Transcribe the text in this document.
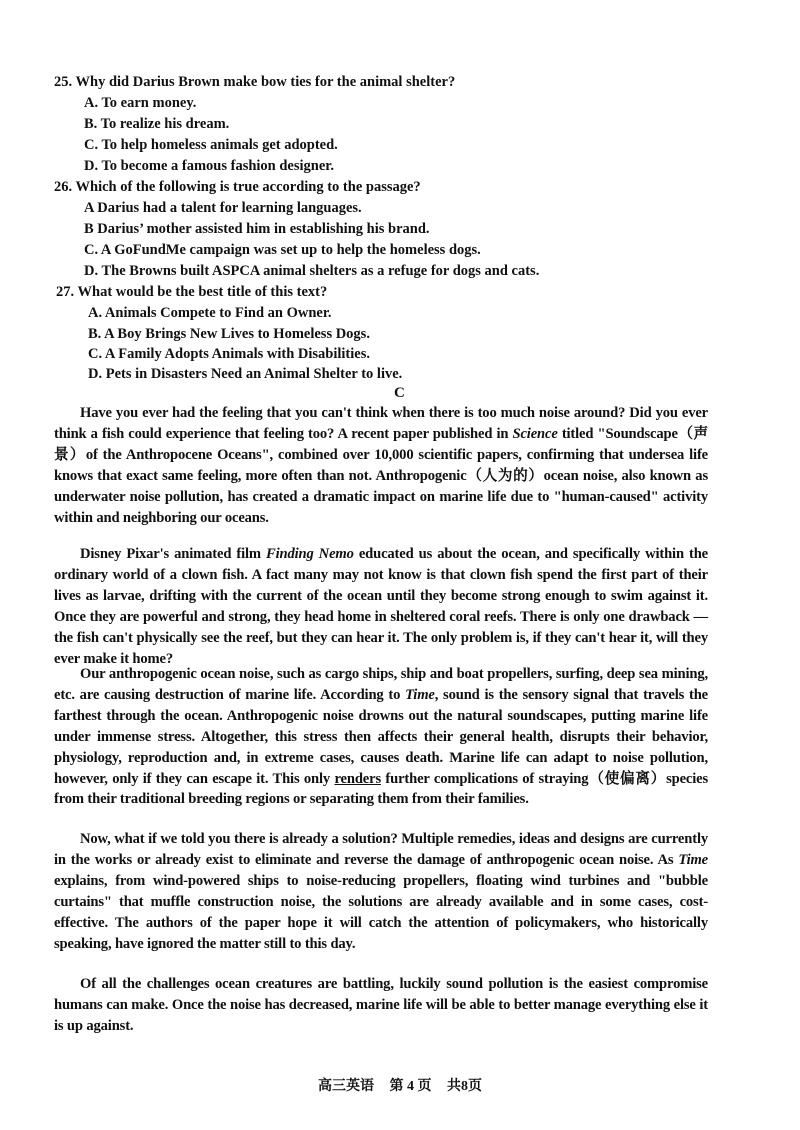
25. Why did Darius Brown make bow ties for the animal shelter?
A. To earn money.
B. To realize his dream.
C. To help homeless animals get adopted.
D. To become a famous fashion designer.
26. Which of the following is true according to the passage?
A Darius had a talent for learning languages.
B Darius’ mother assisted him in establishing his brand.
C. A GoFundMe campaign was set up to help the homeless dogs.
D. The Browns built ASPCA animal shelters as a refuge for dogs and cats.
27. What would be the best title of this text?
A. Animals Compete to Find an Owner.
B. A Boy Brings New Lives to Homeless Dogs.
C. A Family Adopts Animals with Disabilities.
D. Pets in Disasters Need an Animal Shelter to live.
C
Have you ever had the feeling that you can't think when there is too much noise around? Did you ever think a fish could experience that feeling too? A recent paper published in Science titled "Soundscape（声　景）of the Anthropocene Oceans", combined over 10,000 scientific papers, confirming that undersea life knows that exact same feeling, more often than not. Anthropogenic（人为的）ocean noise, also known as underwater noise pollution, has created a dramatic impact on marine life due to "human-caused" activity within and neighboring our oceans.
Disney Pixar's animated film Finding Nemo educated us about the ocean, and specifically within the ordinary world of a clown fish. A fact many may not know is that clown fish spend the first part of their lives as larvae, drifting with the current of the ocean until they become strong enough to swim against it. Once they are powerful and strong, they head home in sheltered coral reefs. There is only one drawback — the fish can't physically see the reef, but they can hear it. The only problem is, if they can't hear it, will they ever make it home?
Our anthropogenic ocean noise, such as cargo ships, ship and boat propellers, surfing, deep sea mining, etc. are causing destruction of marine life. According to Time, sound is the sensory signal that travels the farthest through the ocean. Anthropogenic noise drowns out the natural soundscapes, putting marine life under immense stress. Altogether, this stress then affects their general health, disrupts their behavior, physiology, reproduction and, in extreme cases, causes death. Marine life can adapt to noise pollution, however, only if they can escape it. This only renders further complications of straying（使偏离）species from their traditional breeding regions or separating them from their families.
Now, what if we told you there is already a solution? Multiple remedies, ideas and designs are currently in the works or already exist to eliminate and reverse the damage of anthropogenic ocean noise. As Time explains, from wind-powered ships to noise-reducing propellers, floating wind turbines and "bubble curtains" that muffle construction noise, the solutions are already available and in some cases, cost- effective. The authors of the paper hope it will catch the attention of policymakers, who historically speaking, have ignored the matter still to this day.
Of all the challenges ocean creatures are battling, luckily sound pollution is the easiest compromise humans can make. Once the noise has decreased, marine life will be able to better manage everything else it is up against.
高三英语 第 4 页 共8页
